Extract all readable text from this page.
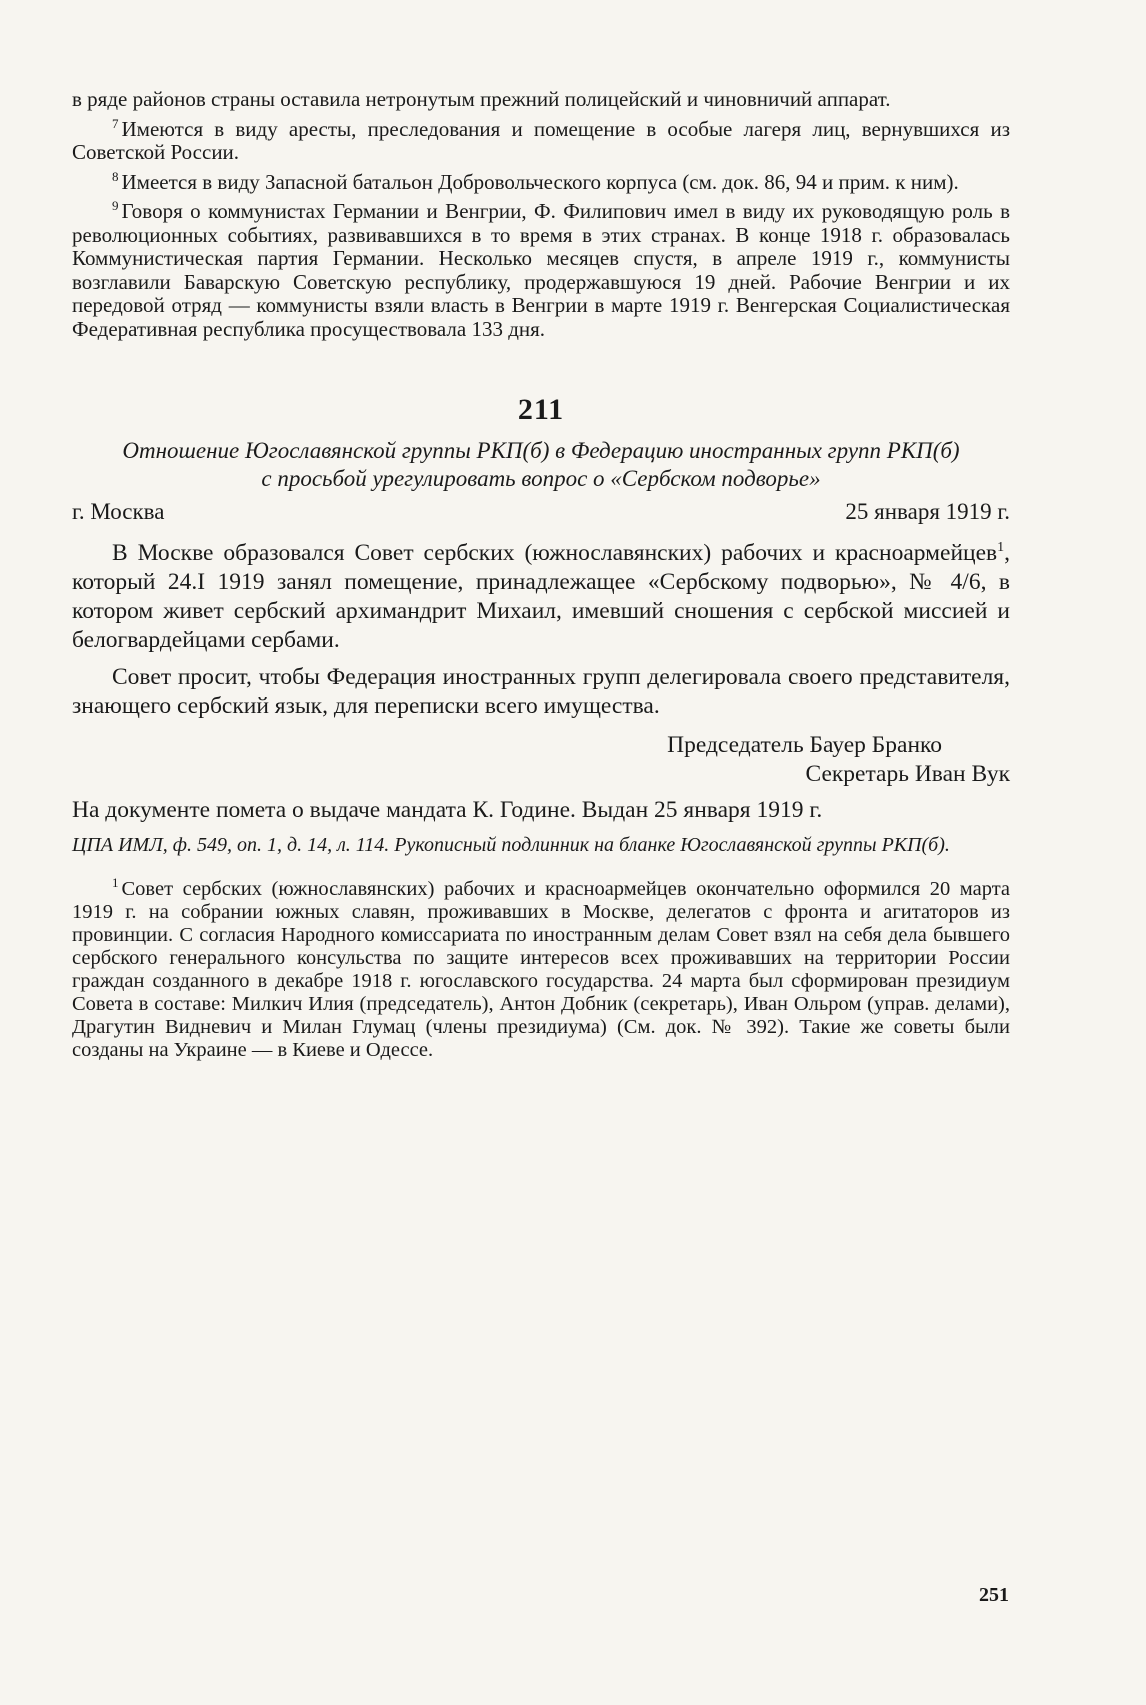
в ряде районов страны оставила нетронутым прежний полицейский и чиновничий аппарат.

$^7$ Имеются в виду аресты, преследования и помещение в особые лагеря лиц, вернувшихся из Советской России.

$^8$ Имеется в виду Запасной батальон Добровольческого корпуса (см. док. 86, 94 и прим. к ним).

$^9$ Говоря о коммунистах Германии и Венгрии, Ф. Филипович имел в виду их руководящую роль в революционных событиях, развивавшихся в то время в этих странах. В конце 1918 г. образовалась Коммунистическая партия Германии. Несколько месяцев спустя, в апреле 1919 г., коммунисты возглавили Баварскую Советскую республику, продержавшуюся 19 дней. Рабочие Венгрии и их передовой отряд — коммунисты взяли власть в Венгрии в марте 1919 г. Венгерская Социалистическая Федеративная республика просуществовала 133 дня.

211
Отношение Югославянской группы РКП(б) в Федерацию иностранных групп РКП(б) с просьбой урегулировать вопрос о «Сербском подворье»
г. Москва	25 января 1919 г.

В Москве образовался Совет сербских (южнославянских) рабочих и красноармейцев$^1$, который 24.I 1919 занял помещение, принадлежащее «Сербскому подворью», № 4/6, в котором живет сербский архимандрит Михаил, имевший сношения с сербской миссией и белогвардейцами сербами.

Совет просит, чтобы Федерация иностранных групп делегировала своего представителя, знающего сербский язык, для переписки всего имущества.

Председатель Бауер Бранко
Секретарь Иван Вук
На документе помета о выдаче мандата К. Године. Выдан 25 января 1919 г.
ЦПА ИМЛ, ф. 549, оп. 1, д. 14, л. 114. Рукописный подлинник на бланке Югославянской группы РКП(б).

$^1$ Совет сербских (южнославянских) рабочих и красноармейцев окончательно оформился 20 марта 1919 г. на собрании южных славян, проживавших в Москве, делегатов с фронта и агитаторов из провинции. С согласия Народного комиссариата по иностранным делам Совет взял на себя дела бывшего сербского генерального консульства по защите интересов всех проживавших на территории России граждан созданного в декабре 1918 г. югославского государства. 24 марта был сформирован президиум Совета в составе: Милкич Илия (председатель), Антон Добник (секретарь), Иван Ольром (управ. делами), Драгутин Видневич и Милан Глумац (члены президиума) (См. док. № 392). Такие же советы были созданы на Украине — в Киеве и Одессе.

251
